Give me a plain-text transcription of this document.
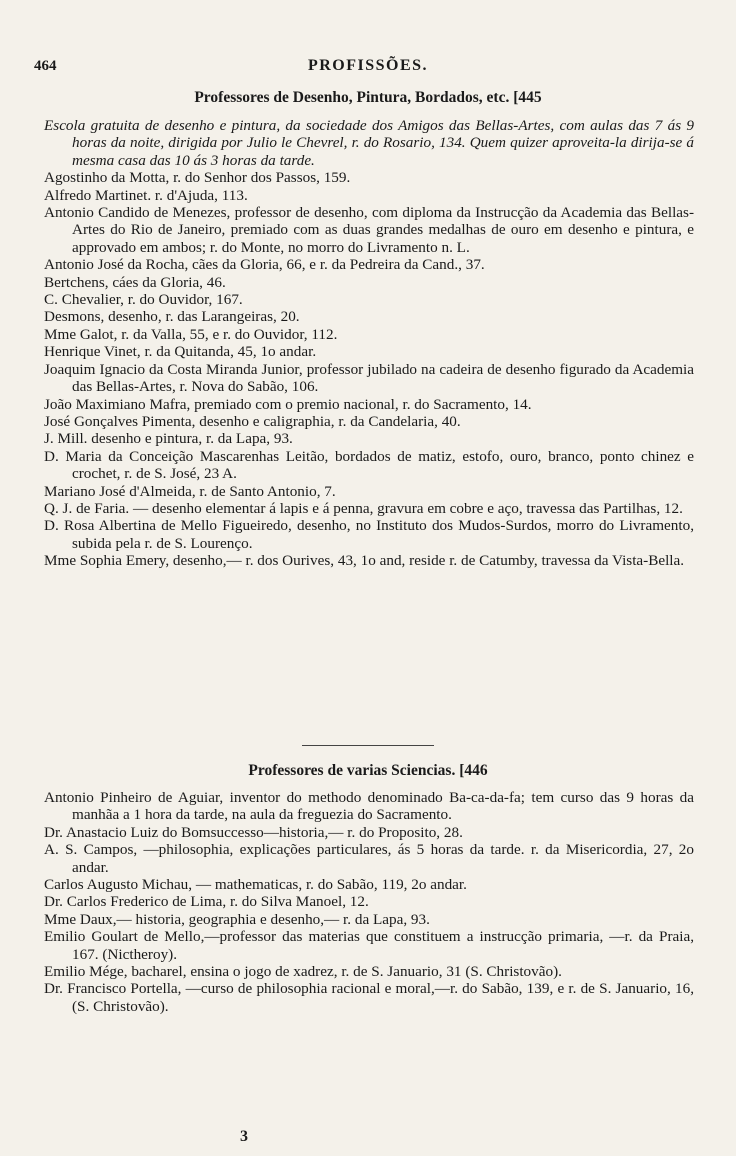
464	PROFISSÕES.
Professores de Desenho, Pintura, Bordados, etc. [445

Escola gratuita de desenho e pintura, da sociedade dos Amigos das Bellas-Artes, com aulas das 7 ás 9 horas da noite, dirigida por Julio le Chevrel, r. do Rosario, 134. Quem quizer aproveita-la dirija-se á mesma casa das 10 ás 3 horas da tarde.

Agostinho da Motta, r. do Senhor dos Passos, 159.

Alfredo Martinet. r. d'Ajuda, 113.

Antonio Candido de Menezes, professor de desenho, com diploma da Instrucção da Academia das Bellas-Artes do Rio de Janeiro, premiado com as duas grandes medalhas de ouro em desenho e pintura, e approvado em ambos; r. do Monte, no morro do Livramento n. L.

Antonio José da Rocha, cães da Gloria, 66, e r. da Pedreira da Cand., 37.

Bertchens, cáes da Gloria, 46.

C. Chevalier, r. do Ouvidor, 167.

Desmons, desenho, r. das Larangeiras, 20.

Mme Galot, r. da Valla, 55, e r. do Ouvidor, 112.

Henrique Vinet, r. da Quitanda, 45, 1o andar.

Joaquim Ignacio da Costa Miranda Junior, professor jubilado na cadeira de desenho figurado da Academia das Bellas-Artes, r. Nova do Sabão, 106.

João Maximiano Mafra, premiado com o premio nacional, r. do Sacramento, 14.

José Gonçalves Pimenta, desenho e caligraphia, r. da Candelaria, 40.

J. Mill. desenho e pintura, r. da Lapa, 93.

D. Maria da Conceição Mascarenhas Leitão, bordados de matiz, estofo, ouro, branco, ponto chinez e crochet, r. de S. José, 23 A.

Mariano José d'Almeida, r. de Santo Antonio, 7.

Q. J. de Faria. — desenho elementar á lapis e á penna, gravura em cobre e aço, travessa das Partilhas, 12.

D. Rosa Albertina de Mello Figueiredo, desenho, no Instituto dos Mudos-Surdos, morro do Livramento, subida pela r. de S. Lourenço.

Mme Sophia Emery, desenho,— r. dos Ourives, 43, 1o and, reside r. de Catumby, travessa da Vista-Bella.

Professores de varias Sciencias. [446

Antonio Pinheiro de Aguiar, inventor do methodo denominado Ba-ca-da-fa; tem curso das 9 horas da manhãa a 1 hora da tarde, na aula da freguezia do Sacramento.

Dr. Anastacio Luiz do Bomsuccesso—historia,— r. do Proposito, 28.

A. S. Campos, —philosophia, explicações particulares, ás 5 horas da tarde. r. da Misericordia, 27, 2o andar.

Carlos Augusto Michau, — mathematicas, r. do Sabão, 119, 2o andar.

Dr. Carlos Frederico de Lima, r. do Silva Manoel, 12.

Mme Daux,— historia, geographia e desenho,— r. da Lapa, 93.

Emilio Goulart de Mello,—professor das materias que constituem a instrucção primaria, —r. da Praia, 167. (Nictheroy).

Emilio Mége, bacharel, ensina o jogo de xadrez, r. de S. Januario, 31 (S. Christovão).

Dr. Francisco Portella, —curso de philosophia racional e moral,—r. do Sabão, 139, e r. de S. Januario, 16, (S. Christovão).

3
